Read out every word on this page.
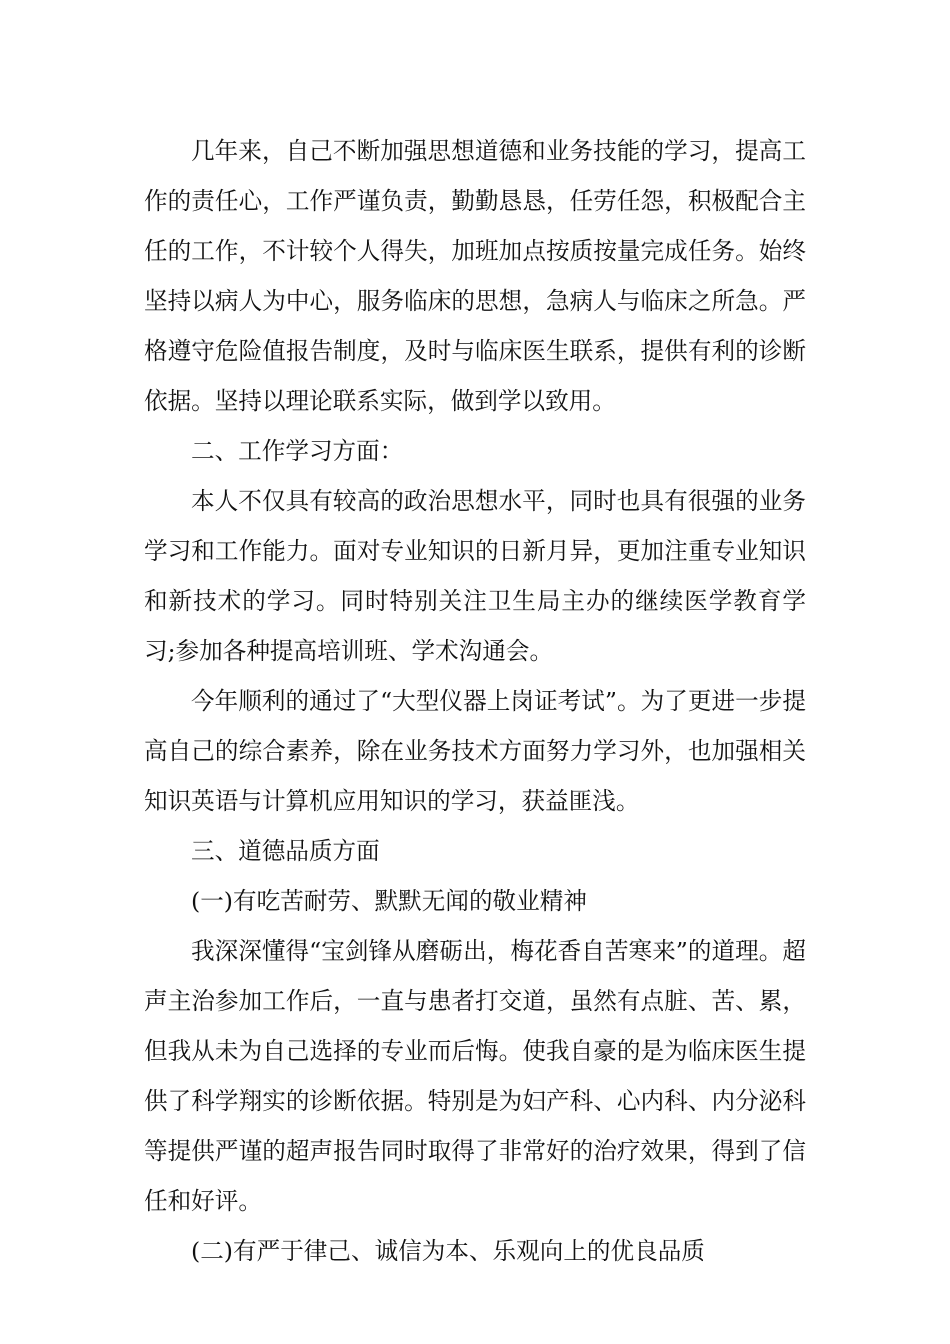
几年来，自己不断加强思想道德和业务技能的学习，提高工作的责任心，工作严谨负责，勤勤恳恳，任劳任怨，积极配合主任的工作，不计较个人得失，加班加点按质按量完成任务。始终坚持以病人为中心，服务临床的思想，急病人与临床之所急。严格遵守危险值报告制度，及时与临床医生联系，提供有利的诊断依据。坚持以理论联系实际，做到学以致用。

二、工作学习方面：

本人不仅具有较高的政治思想水平，同时也具有很强的业务学习和工作能力。面对专业知识的日新月异，更加注重专业知识和新技术的学习。同时特别关注卫生局主办的继续医学教育学习;参加各种提高培训班、学术沟通会。

今年顺利的通过了“大型仪器上岗证考试”。为了更进一步提高自己的综合素养，除在业务技术方面努力学习外，也加强相关知识英语与计算机应用知识的学习，获益匪浅。

三、道德品质方面

(一)有吃苦耐劳、默默无闻的敬业精神

我深深懂得“宝剑锋从磨砺出，梅花香自苦寒来”的道理。超声主治参加工作后，一直与患者打交道，虽然有点脏、苦、累，但我从未为自己选择的专业而后悔。使我自豪的是为临床医生提供了科学翔实的诊断依据。特别是为妇产科、心内科、内分泌科等提供严谨的超声报告同时取得了非常好的治疗效果，得到了信任和好评。

(二)有严于律己、诚信为本、乐观向上的优良品质
